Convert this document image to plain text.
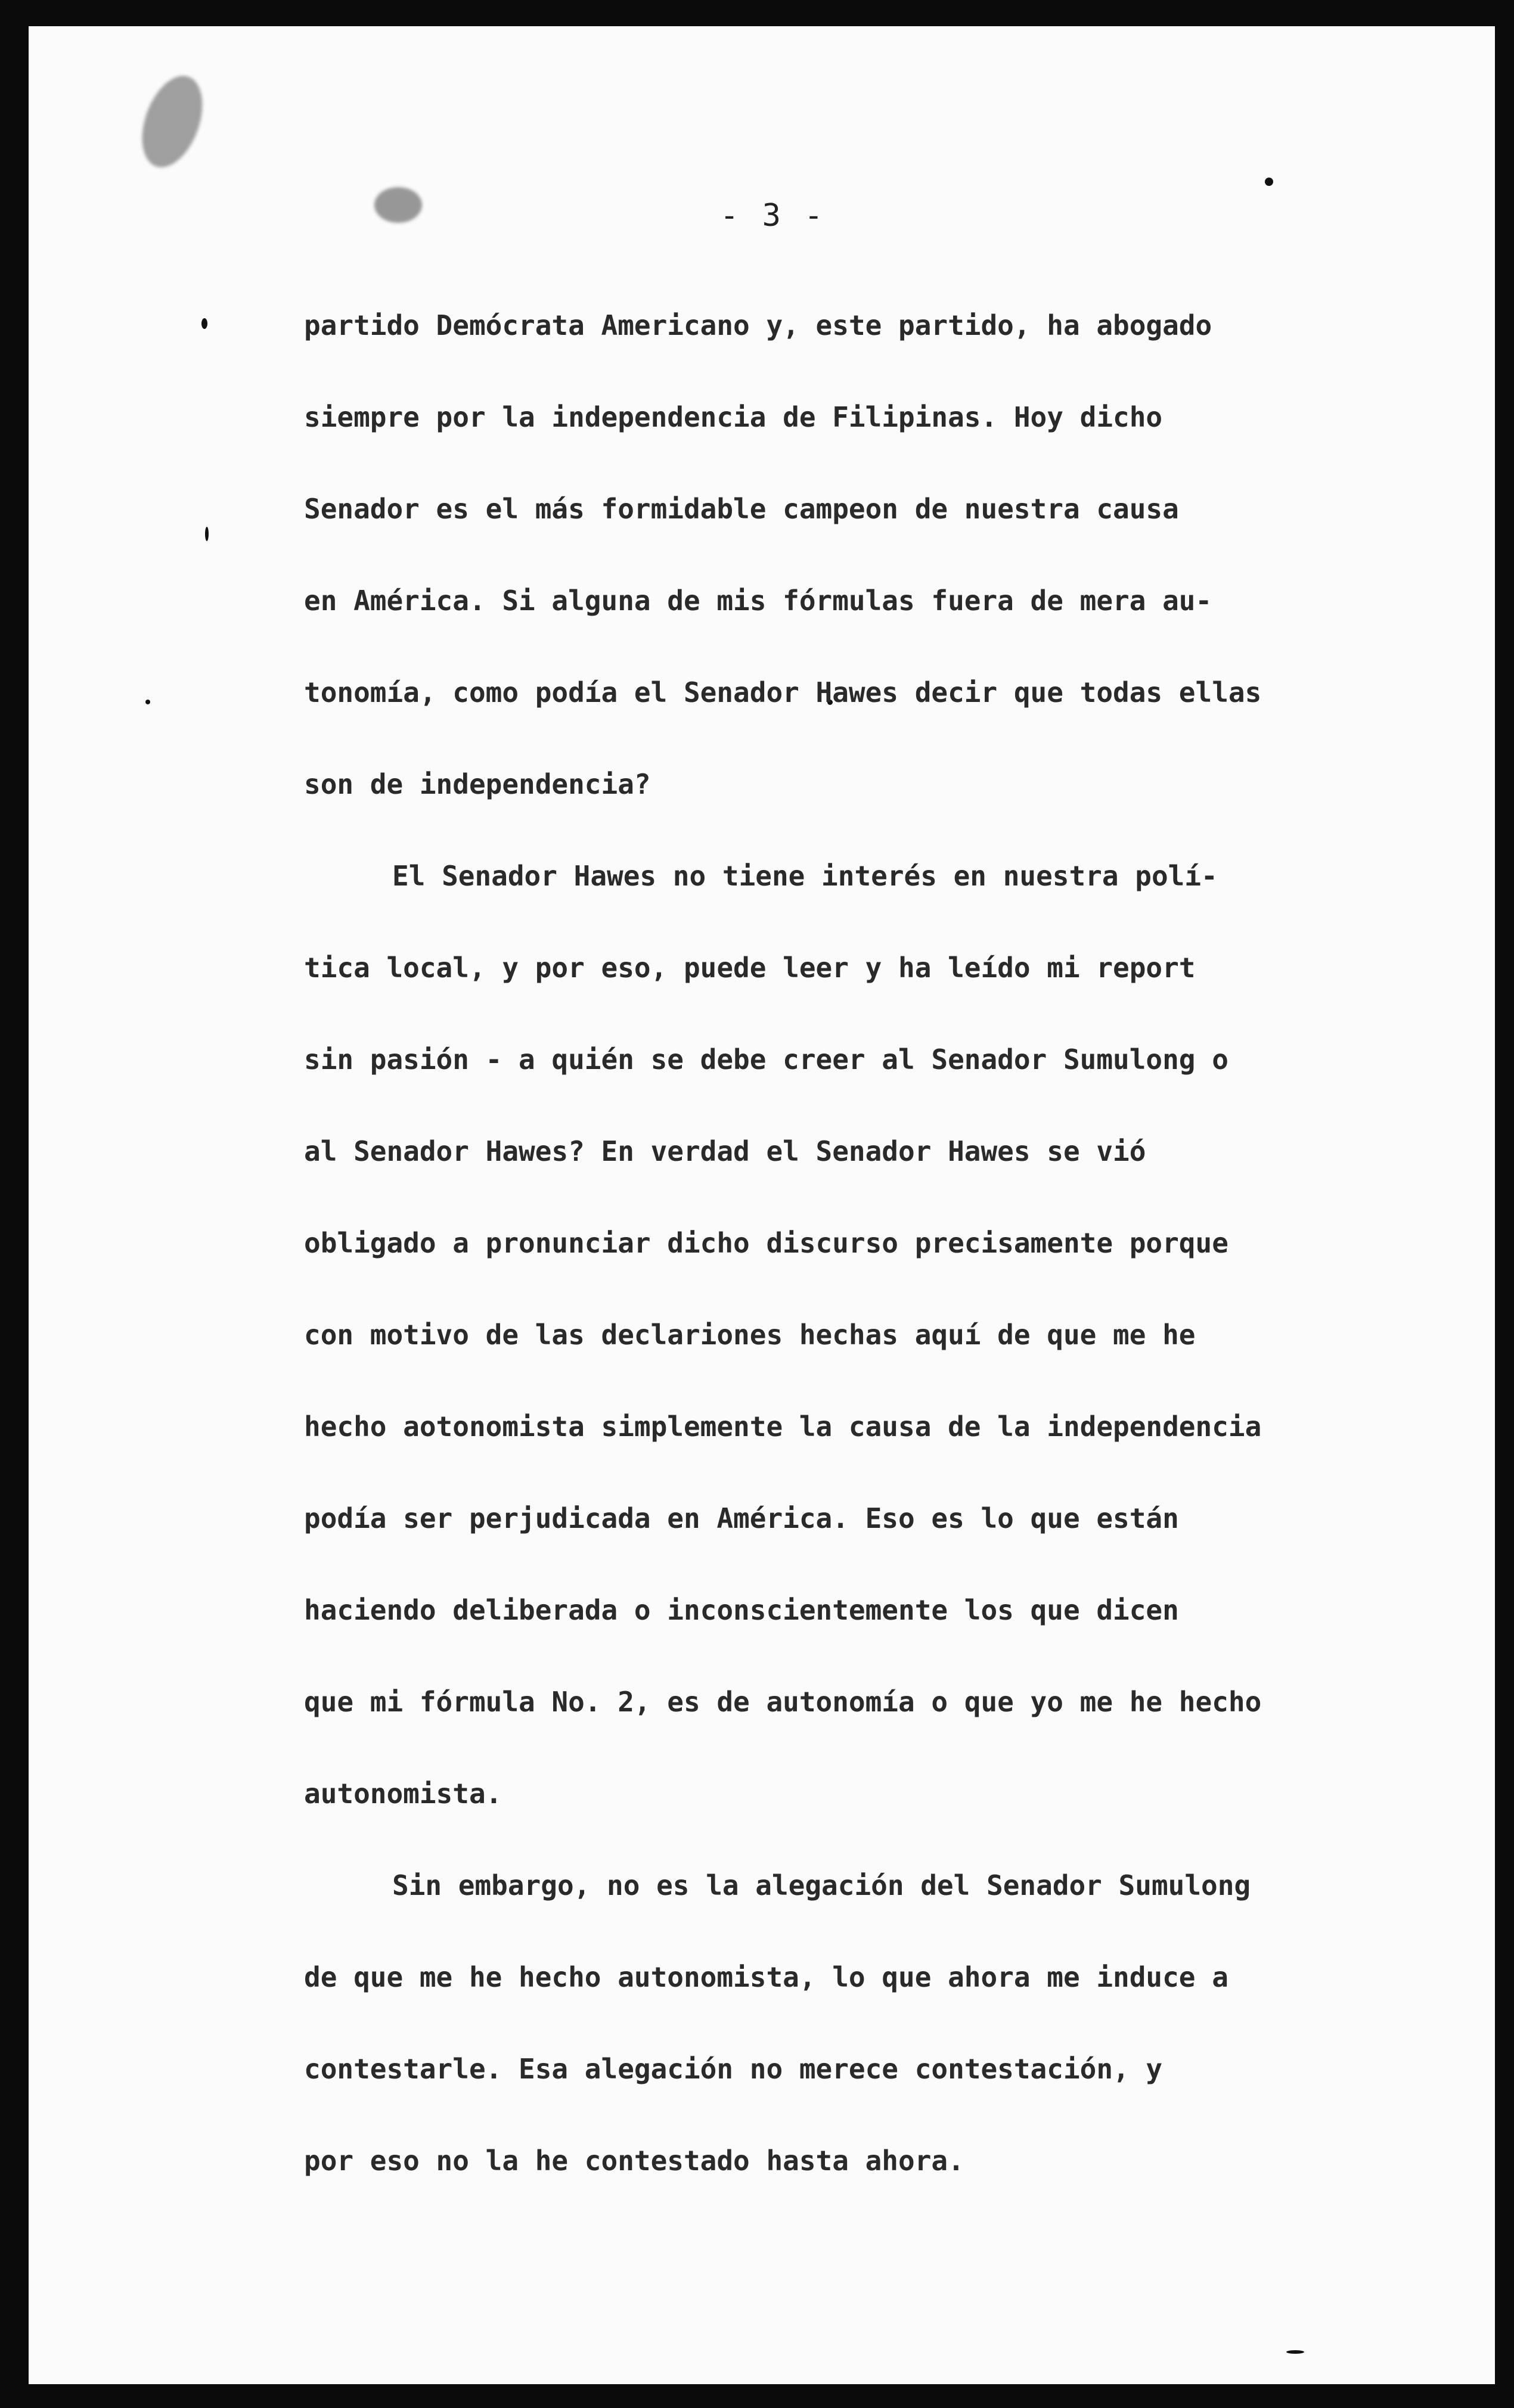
- 3 -
partido Demócrata Americano y, este partido, ha abogado
siempre por la independencia de Filipinas. Hoy dicho
Senador es el más formidable campeon de nuestra causa
en América. Si alguna de mis fórmulas fuera de mera au-
tonomía, como podía el Senador Hawes decir que todas ellas
son de independencia?
El Senador Hawes no tiene interés en nuestra polí-
tica local, y por eso, puede leer y ha leído mi report
sin pasión - a quién se debe creer al Senador Sumulong o
al Senador Hawes? En verdad el Senador Hawes se vió
obligado a pronunciar dicho discurso precisamente porque
con motivo de las declariones hechas aquí de que me he
hecho aotonomista simplemente la causa de la independencia
podía ser perjudicada en América. Eso es lo que están
haciendo deliberada o inconscientemente los que dicen
que mi fórmula No. 2, es de autonomía o que yo me he hecho
autonomista.
Sin embargo, no es la alegación del Senador Sumulong
de que me he hecho autonomista, lo que ahora me induce a
contestarle. Esa alegación no merece contestación, y
por eso no la he contestado hasta ahora.
